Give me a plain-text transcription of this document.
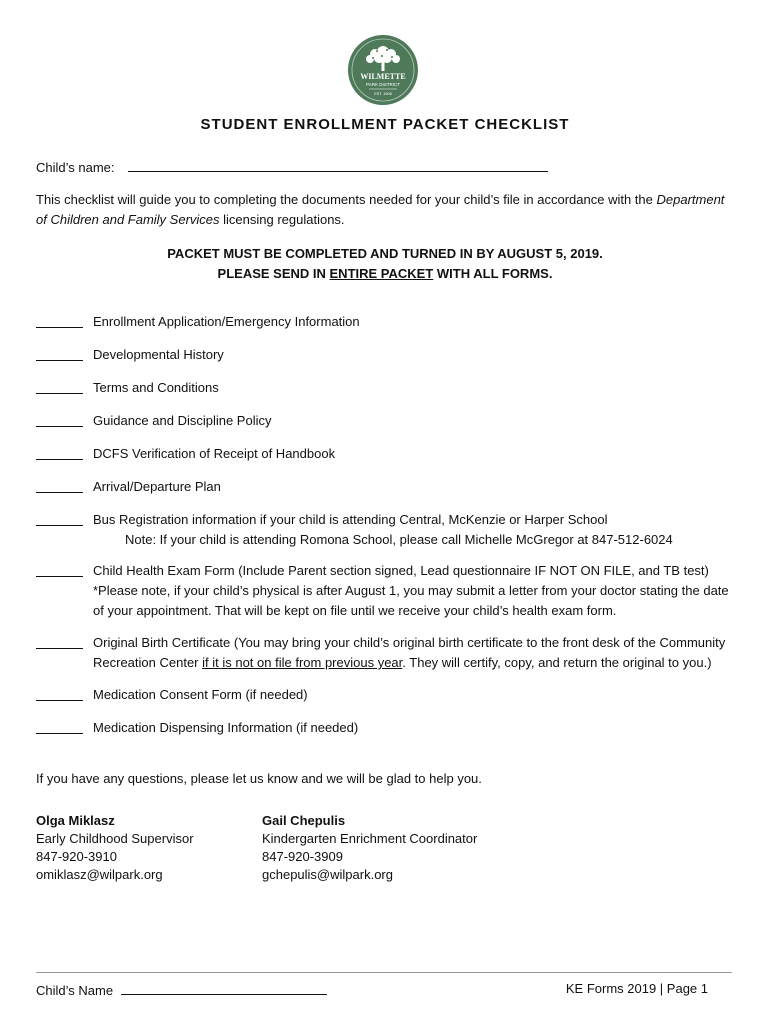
WILMETTE
PARK DISTRICT
EST. 1908
STUDENT ENROLLMENT PACKET CHECKLIST
Child’s name:
This checklist will guide you to completing the documents needed for your child’s file in accordance with the Department of Children and Family Services licensing regulations.
PACKET MUST BE COMPLETED AND TURNED IN BY AUGUST 5, 2019.
PLEASE SEND IN ENTIRE PACKET WITH ALL FORMS.
Enrollment Application/Emergency Information
Developmental History
Terms and Conditions
Guidance and Discipline Policy
DCFS Verification of Receipt of Handbook
Arrival/Departure Plan
Bus Registration information if your child is attending Central, McKenzie or Harper School
Note: If your child is attending Romona School, please call Michelle McGregor at 847-512-6024
Child Health Exam Form (Include Parent section signed, Lead questionnaire IF NOT ON FILE, and TB test)
*Please note, if your child’s physical is after August 1, you may submit a letter from your doctor stating the date
of your appointment. That will be kept on file until we receive your child’s health exam form.
Original Birth Certificate (You may bring your child’s original birth certificate to the front desk of the Community
Recreation Center if it is not on file from previous year. They will certify, copy, and return the original to you.)
Medication Consent Form (if needed)
Medication Dispensing Information (if needed)
If you have any questions, please let us know and we will be glad to help you.
Olga Miklasz
Early Childhood Supervisor
847-920-3910
omiklasz@wilpark.org
Gail Chepulis
Kindergarten Enrichment Coordinator
847-920-3909
gchepulis@wilpark.org
Child’s Name	KE Forms 2019 | Page 1
